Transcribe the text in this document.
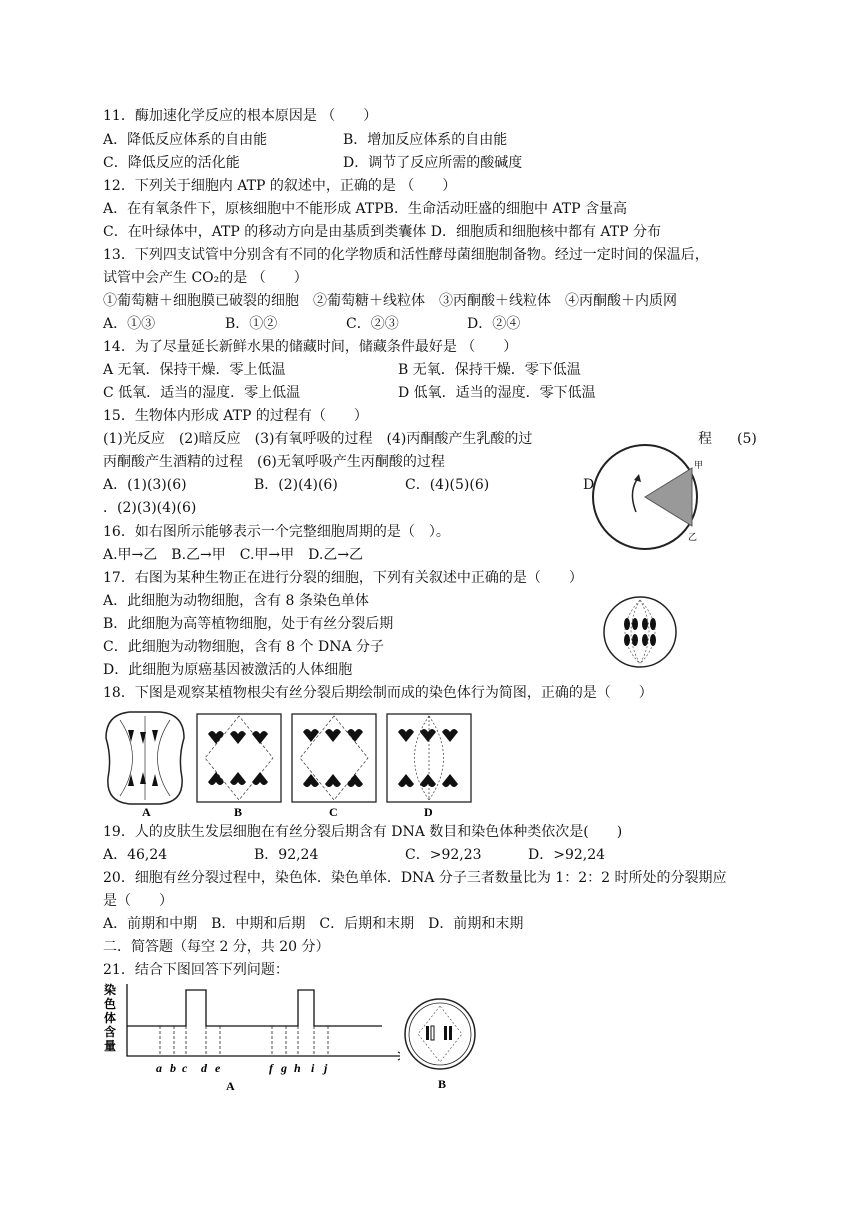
11．酶加速化学反应的根本原因是 （　　）
A．降低反应体系的自由能	B．增加反应体系的自由能
C．降低反应的活化能	D．调节了反应所需的酸碱度
12．下列关于细胞内 ATP 的叙述中，正确的是 （　　）
A．在有氧条件下，原核细胞中不能形成 ATPB．生命活动旺盛的细胞中 ATP 含量高
C．在叶绿体中，ATP 的移动方向是由基质到类囊体 D．细胞质和细胞核中都有 ATP 分布
13．下列四支试管中分别含有不同的化学物质和活性酵母菌细胞制备物。经过一定时间的保温后，
试管中会产生 CO₂的是 （　　）
①葡萄糖＋细胞膜已破裂的细胞　②葡萄糖＋线粒体　③丙酮酸＋线粒体　④丙酮酸＋内质网
A．①③	B．①②	C．②③	D．②④
14．为了尽量延长新鲜水果的储藏时间，储藏条件最好是 （　　）
A 无氧．保持干燥．零上低温	B 无氧．保持干燥．零下低温
C 低氧．适当的湿度．零上低温	D 低氧．适当的湿度．零下低温
15．生物体内形成 ATP 的过程有（　　）
(1)光反应　(2)暗反应　(3)有氧呼吸的过程　(4)丙酮酸产生乳酸的过	程 (5)
丙酮酸产生酒精的过程　(6)无氧呼吸产生丙酮酸的过程
A．(1)(3)(6)	B．(2)(4)(6)	C．(4)(5)(6)	D
．(2)(3)(4)(6)
甲
乙
16．如右图所示能够表示一个完整细胞周期的是（　）。
A.甲→乙　B.乙→甲　C.甲→甲　D.乙→乙
17．右图为某种生物正在进行分裂的细胞，下列有关叙述中正确的是（　　）
A．此细胞为动物细胞，含有 8 条染色单体
B．此细胞为高等植物细胞，处于有丝分裂后期
C．此细胞为动物细胞，含有 8 个 DNA 分子
D．此细胞为原癌基因被激活的人体细胞
18．下图是观察某植物根尖有丝分裂后期绘制而成的染色体行为简图，正确的是（　　）
A	B	C	D
19．人的皮肤生发层细胞在有丝分裂后期含有 DNA 数目和染色体种类依次是(　　)
A．46,24	B．92,24	C．>92,23	D．>92,24
20．细胞有丝分裂过程中，染色体．染色单体．DNA 分子三者数量比为 1：2：2 时所处的分裂期应
是（　　）
A．前期和中期　B．中期和后期　C．后期和末期　D．前期和末期
二．简答题（每空 2 分，共 20 分）
21．结合下图回答下列问题：
染
色
体
含
量
a b c d e	f g h i j
A	B
